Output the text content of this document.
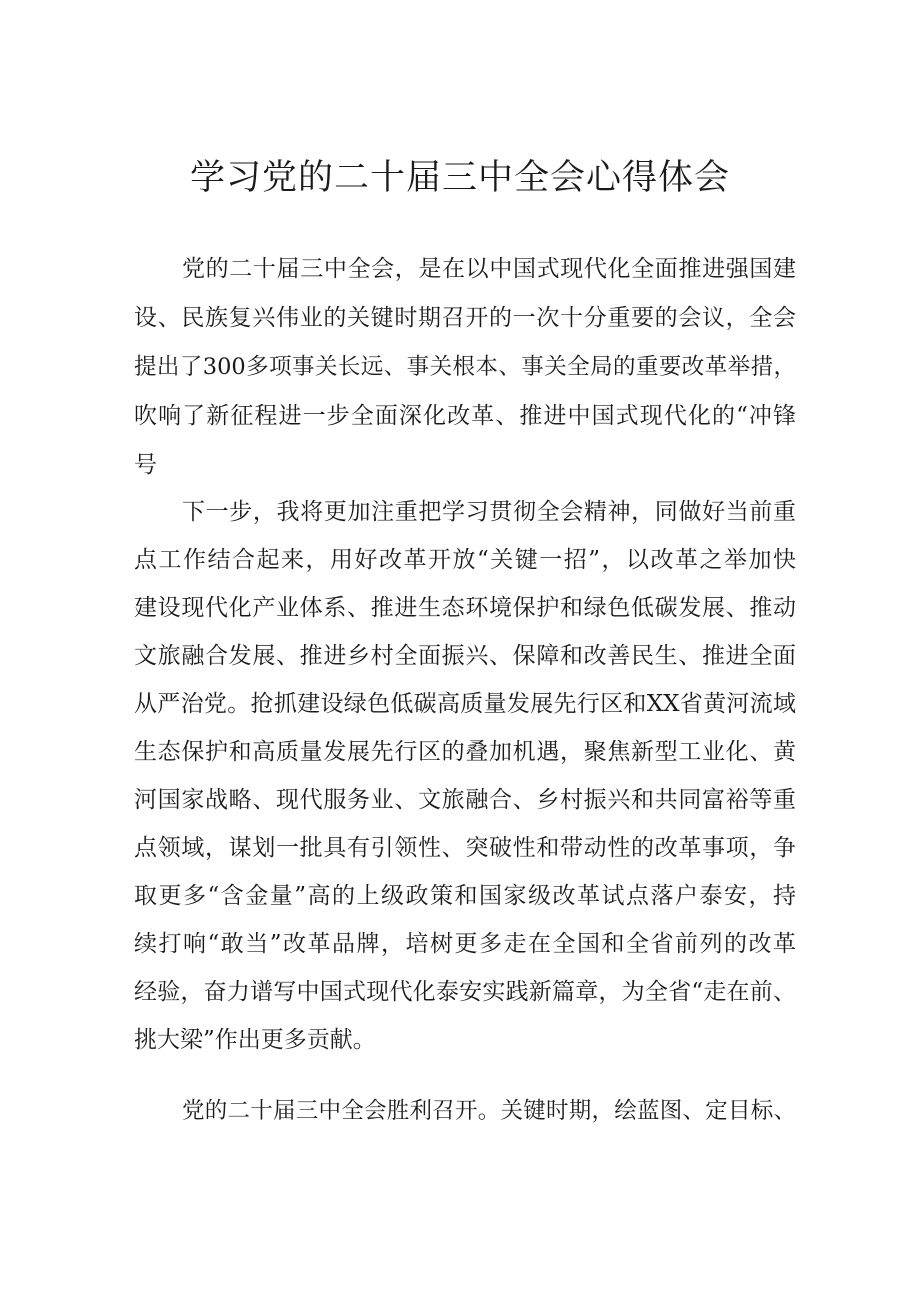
学习党的二十届三中全会心得体会
党的二十届三中全会，是在以中国式现代化全面推进强国建
设、民族复兴伟业的关键时期召开的一次十分重要的会议，全会
提出了300多项事关长远、事关根本、事关全局的重要改革举措，
吹响了新征程进一步全面深化改革、推进中国式现代化的“冲锋
号
下一步，我将更加注重把学习贯彻全会精神，同做好当前重
点工作结合起来，用好改革开放“关键一招”，以改革之举加快
建设现代化产业体系、推进生态环境保护和绿色低碳发展、推动
文旅融合发展、推进乡村全面振兴、保障和改善民生、推进全面
从严治党。抢抓建设绿色低碳高质量发展先行区和XX省黄河流域
生态保护和高质量发展先行区的叠加机遇，聚焦新型工业化、黄
河国家战略、现代服务业、文旅融合、乡村振兴和共同富裕等重
点领域，谋划一批具有引领性、突破性和带动性的改革事项，争
取更多“含金量”高的上级政策和国家级改革试点落户泰安，持
续打响“敢当”改革品牌，培树更多走在全国和全省前列的改革
经验，奋力谱写中国式现代化泰安实践新篇章，为全省“走在前、
挑大梁”作出更多贡献。
党的二十届三中全会胜利召开。关键时期，绘蓝图、定目标、
